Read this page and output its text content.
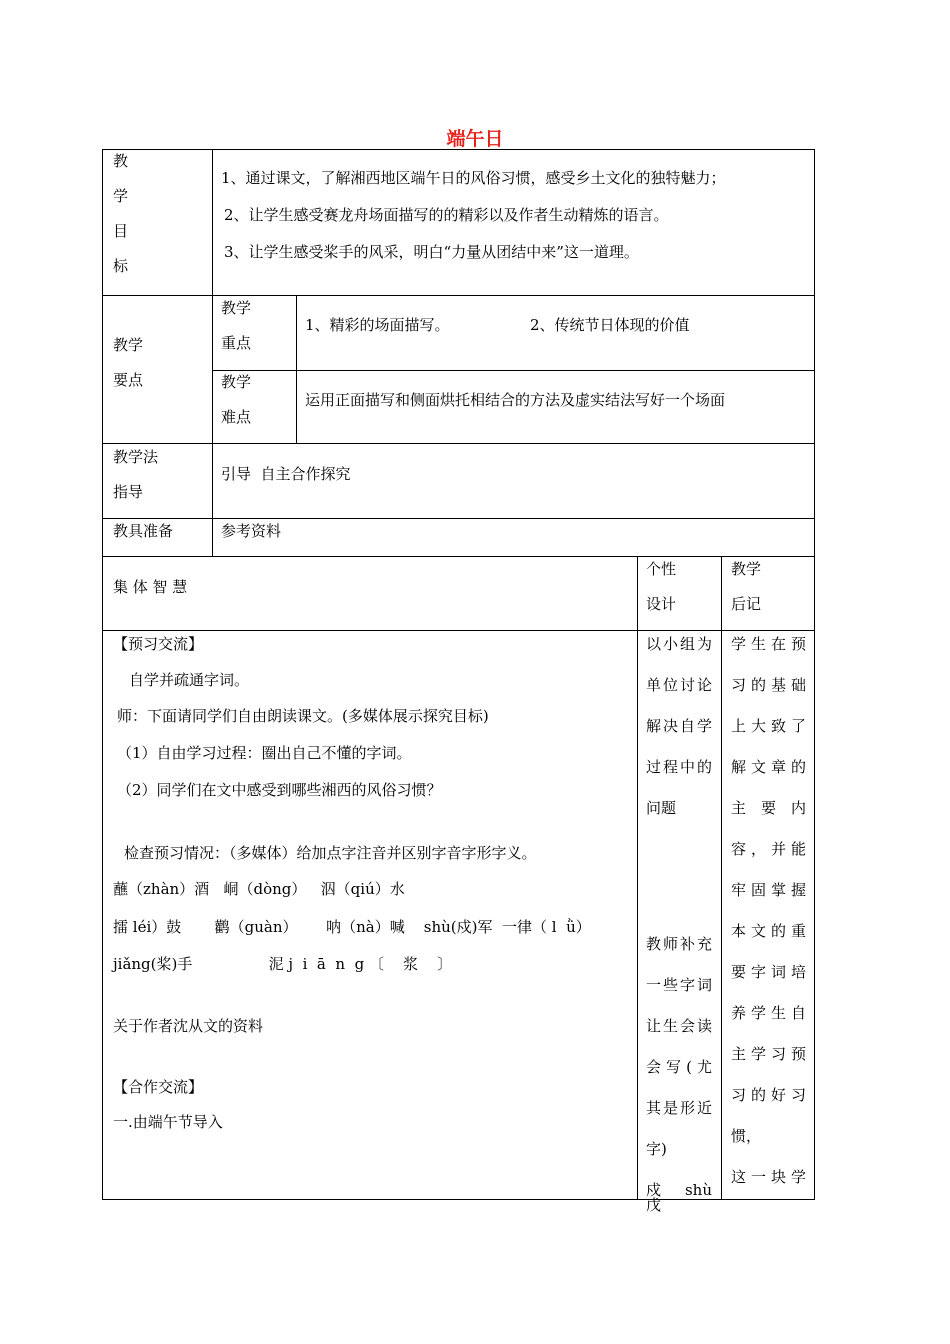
端午日
教
学
目
标
1、通过课文，了解湘西地区端午日的风俗习惯，感受乡土文化的独特魅力；
2、让学生感受赛龙舟场面描写的的精彩以及作者生动精炼的语言。
3、让学生感受桨手的风采，明白“力量从团结中来”这一道理。
教学
要点
教学
重点
1、精彩的场面描写。	2、传统节日体现的价值
教学
难点
运用正面描写和侧面烘托相结合的方法及虚实结法写好一个场面
教学法
指导
引导  自主合作探究
教具准备	参考资料
集 体 智 慧
个性
设计
教学
后记
【预习交流】
自学并疏通字词。
师：下面请同学们自由朗读课文。(多媒体展示探究目标)
（1）自由学习过程：圈出自己不懂的字词。
（2）同学们在文中感受到哪些湘西的风俗习惯？
检查预习情况：（多媒体）给加点字注音并区别字音字形字义。
蘸（zhàn）酒   峒（dòng）   泅（qiú）水
擂 léi）鼓       鹳（guàn）      呐（nà）喊    shù(戍)军  一律（ l  ǜ）
jiǎng(桨)手                泥 j  i  ā  n  g 〔    浆    〕
关于作者沈从文的资料
【合作交流】
一.由端午节导入
以小组为
单位讨论
解决自学
过程中的
问题
教师补充
一些字词
让生会读
会写(尤
其是形近
字)
戍 shù 戊
学生在预
习的基础
上大致了
解文章的
主 要 内
容，并能
牢固掌握
本文的重
要字词培
养学生自
主学习预
习的好习
惯，
这一块学
